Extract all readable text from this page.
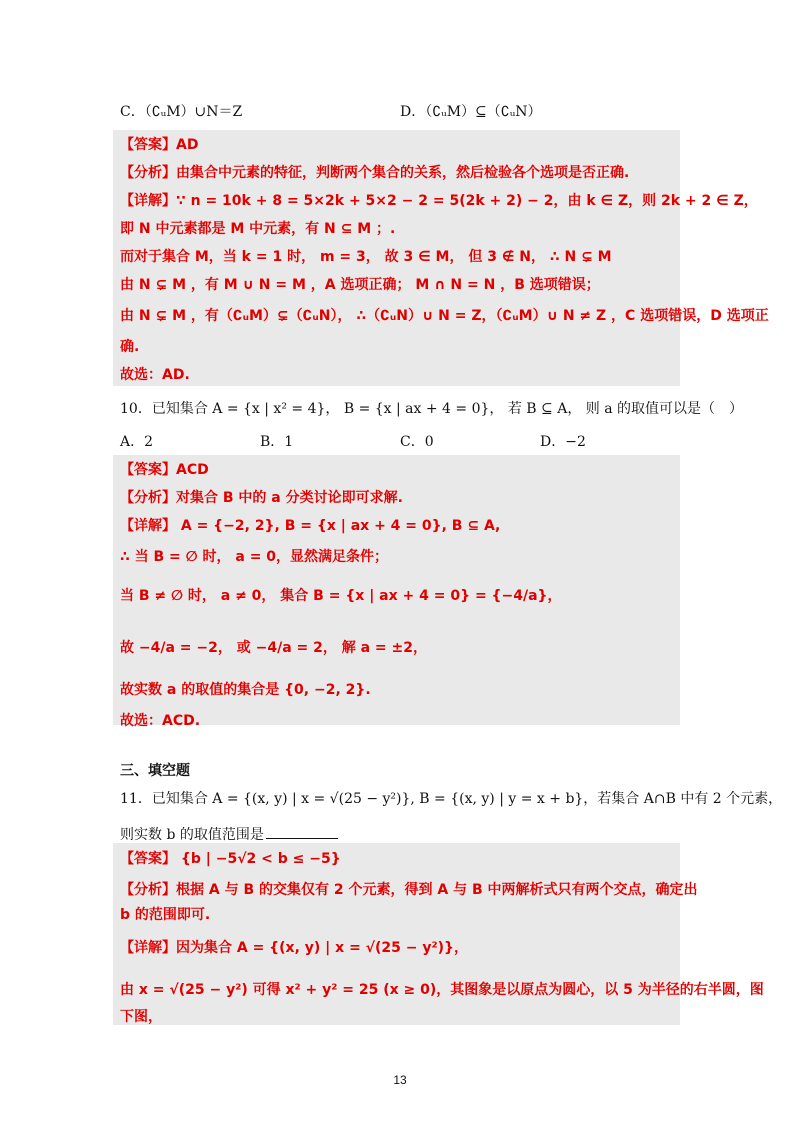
C．（∁ᵤM）∪N＝Z	D．（∁ᵤM）⊆（∁ᵤN）
【答案】AD
【分析】由集合中元素的特征，判断两个集合的关系，然后检验各个选项是否正确.
【详解】∵ n = 10k + 8 = 5×2k + 5×2 − 2 = 5(2k + 2) − 2，由 k ∈ Z，则 2k + 2 ∈ Z，
即 N 中元素都是 M 中元素，有 N ⊆ M ；.
而对于集合 M，当 k = 1 时， m = 3， 故 3 ∈ M， 但 3 ∉ N， ∴ N ⊊ M
由 N ⊊ M ，有 M ∪ N = M ，A 选项正确； M ∩ N = N ，B 选项错误；
由 N ⊊ M ，有（∁ᵤM）⊊（∁ᵤN）， ∴（∁ᵤN）∪ N = Z，（∁ᵤM）∪ N ≠ Z ，C 选项错误，D 选项正
确.
故选：AD.
10．已知集合 A = {x | x² = 4}， B = {x | ax + 4 = 0}， 若 B ⊆ A， 则 a 的取值可以是（　）
A．2	B．1	C．0	D．−2
【答案】ACD
【分析】对集合 B 中的 a 分类讨论即可求解.
【详解】 A = {−2, 2}, B = {x | ax + 4 = 0}, B ⊆ A,
∴ 当 B = ∅ 时， a = 0，显然满足条件；
当 B ≠ ∅ 时， a ≠ 0， 集合 B = {x | ax + 4 = 0} = {−4/a}，
故 −4/a = −2， 或 −4/a = 2， 解 a = ±2，
故实数 a 的取值的集合是 {0, −2, 2}.
故选：ACD.
三、填空题
11．已知集合 A = {(x, y) | x = √(25 − y²)}, B = {(x, y) | y = x + b}，若集合 A∩B 中有 2 个元素，
则实数 b 的取值范围是
【答案】 {b | −5√2 < b ≤ −5}
【分析】根据 A 与 B 的交集仅有 2 个元素，得到 A 与 B 中两解析式只有两个交点，确定出
b 的范围即可.
【详解】因为集合 A = {(x, y) | x = √(25 − y²)}，
由 x = √(25 − y²) 可得 x² + y² = 25 (x ≥ 0)，其图象是以原点为圆心，以 5 为半径的右半圆，图
下图，
13
